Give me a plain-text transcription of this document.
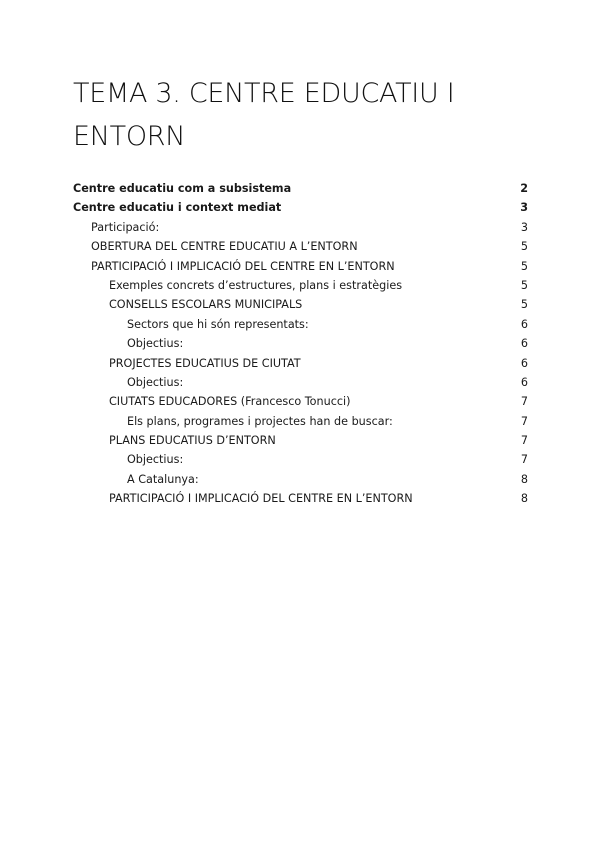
TEMA 3. CENTRE EDUCATIU I ENTORN
Centre educatiu com a subsistema	2
Centre educatiu i context mediat	3
Participació:	3
OBERTURA DEL CENTRE EDUCATIU A L’ENTORN	5
PARTICIPACIÓ I IMPLICACIÓ DEL CENTRE EN L’ENTORN	5
Exemples concrets d’estructures, plans i estratègies	5
CONSELLS ESCOLARS MUNICIPALS	5
Sectors que hi són representats:	6
Objectius:	6
PROJECTES EDUCATIUS DE CIUTAT	6
Objectius:	6
CIUTATS EDUCADORES (Francesco Tonucci)	7
Els plans, programes i projectes han de buscar:	7
PLANS EDUCATIUS D’ENTORN	7
Objectius:	7
A Catalunya:	8
PARTICIPACIÓ I IMPLICACIÓ DEL CENTRE EN L’ENTORN	8
